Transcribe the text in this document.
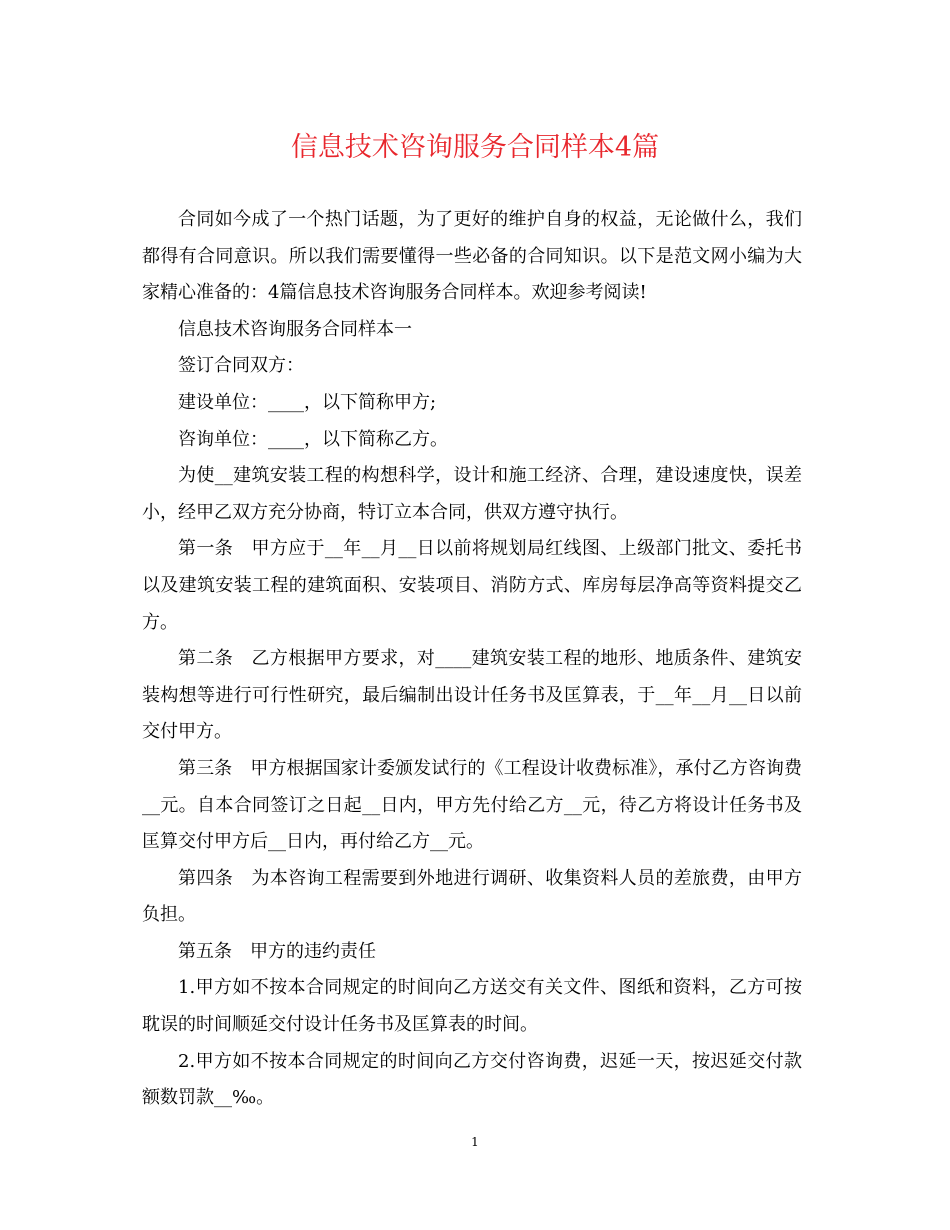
信息技术咨询服务合同样本4篇

合同如今成了一个热门话题，为了更好的维护自身的权益，无论做什么，我们都得有合同意识。所以我们需要懂得一些必备的合同知识。以下是范文网小编为大家精心准备的：4篇信息技术咨询服务合同样本。欢迎参考阅读!

信息技术咨询服务合同样本一

签订合同双方：

建设单位：____，以下简称甲方;

咨询单位：____，以下简称乙方。

为使__建筑安装工程的构想科学，设计和施工经济、合理，建设速度快，误差小，经甲乙双方充分协商，特订立本合同，供双方遵守执行。

第一条　甲方应于__年__月__日以前将规划局红线图、上级部门批文、委托书以及建筑安装工程的建筑面积、安装项目、消防方式、库房每层净高等资料提交乙方。

第二条　乙方根据甲方要求，对____建筑安装工程的地形、地质条件、建筑安装构想等进行可行性研究，最后编制出设计任务书及匡算表，于__年__月__日以前交付甲方。

第三条　甲方根据国家计委颁发试行的《工程设计收费标准》，承付乙方咨询费__元。自本合同签订之日起__日内，甲方先付给乙方__元，待乙方将设计任务书及匡算交付甲方后__日内，再付给乙方__元。

第四条　为本咨询工程需要到外地进行调研、收集资料人员的差旅费，由甲方负担。

第五条　甲方的违约责任

1.甲方如不按本合同规定的时间向乙方送交有关文件、图纸和资料，乙方可按耽误的时间顺延交付设计任务书及匡算表的时间。

2.甲方如不按本合同规定的时间向乙方交付咨询费，迟延一天，按迟延交付款额数罚款__‰。

1
